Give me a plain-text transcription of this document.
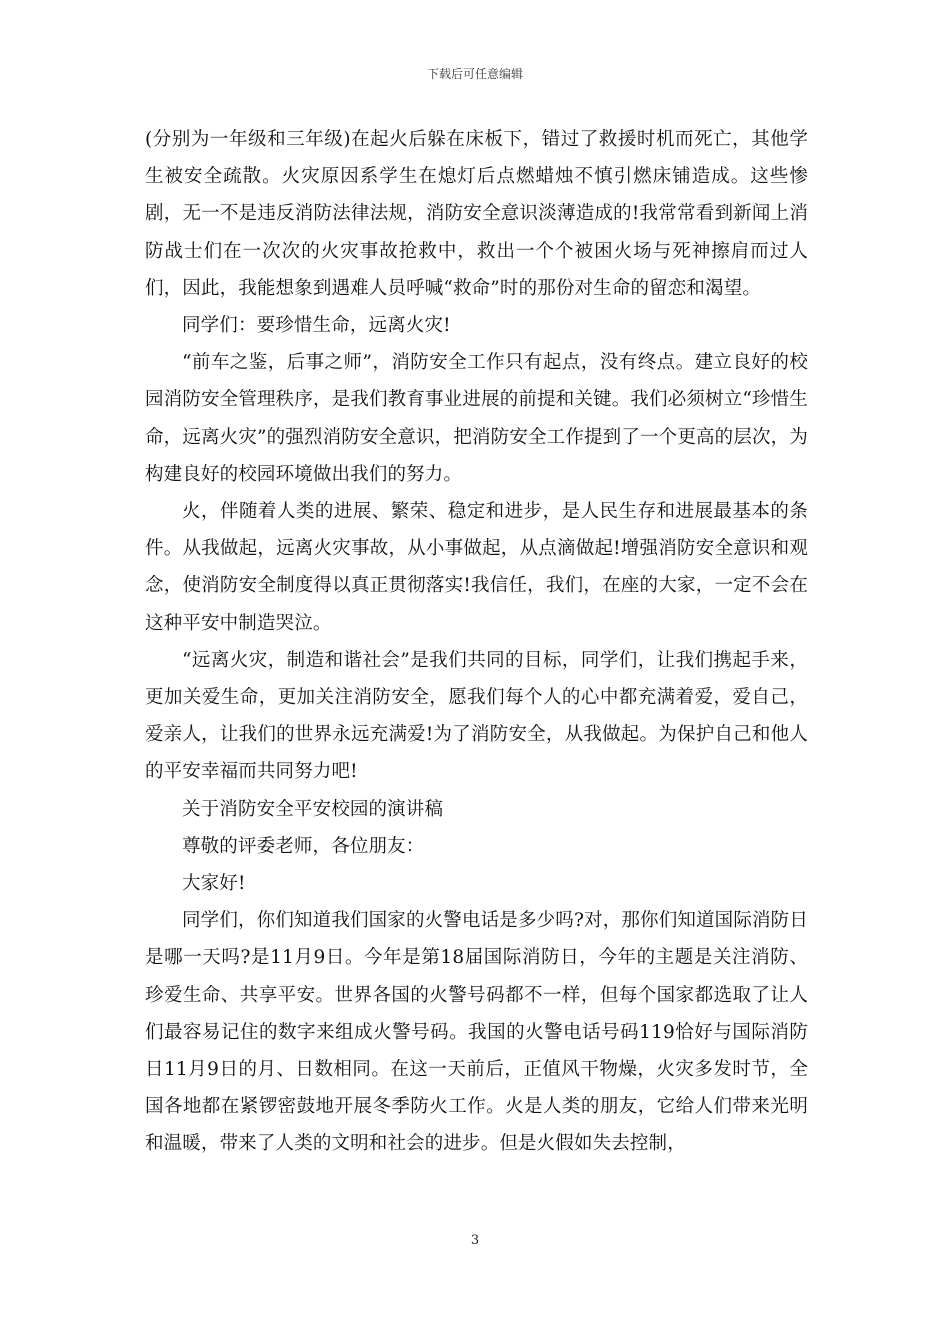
下载后可任意编辑

(分别为一年级和三年级)在起火后躲在床板下，错过了救援时机而死亡，其他学生被安全疏散。火灾原因系学生在熄灯后点燃蜡烛不慎引燃床铺造成。这些惨剧，无一不是违反消防法律法规，消防安全意识淡薄造成的!我常常看到新闻上消防战士们在一次次的火灾事故抢救中，救出一个个被困火场与死神擦肩而过人们，因此，我能想象到遇难人员呼喊“救命”时的那份对生命的留恋和渴望。

同学们：要珍惜生命，远离火灾!

“前车之鉴，后事之师”，消防安全工作只有起点，没有终点。建立良好的校园消防安全管理秩序，是我们教育事业进展的前提和关键。我们必须树立“珍惜生命，远离火灾”的强烈消防安全意识，把消防安全工作提到了一个更高的层次，为构建良好的校园环境做出我们的努力。

火，伴随着人类的进展、繁荣、稳定和进步，是人民生存和进展最基本的条件。从我做起，远离火灾事故，从小事做起，从点滴做起!增强消防安全意识和观念，使消防安全制度得以真正贯彻落实!我信任，我们，在座的大家，一定不会在这种平安中制造哭泣。

“远离火灾，制造和谐社会”是我们共同的目标，同学们，让我们携起手来，更加关爱生命，更加关注消防安全，愿我们每个人的心中都充满着爱，爱自己，爱亲人，让我们的世界永远充满爱!为了消防安全，从我做起。为保护自己和他人的平安幸福而共同努力吧!

关于消防安全平安校园的演讲稿

尊敬的评委老师，各位朋友：

大家好!

同学们，你们知道我们国家的火警电话是多少吗?对，那你们知道国际消防日是哪一天吗?是11月9日。今年是第18届国际消防日，今年的主题是关注消防、珍爱生命、共享平安。世界各国的火警号码都不一样，但每个国家都选取了让人们最容易记住的数字来组成火警号码。我国的火警电话号码119恰好与国际消防日11月9日的月、日数相同。在这一天前后，正值风干物燥，火灾多发时节，全国各地都在紧锣密鼓地开展冬季防火工作。火是人类的朋友，它给人们带来光明和温暖，带来了人类的文明和社会的进步。但是火假如失去控制，

3
